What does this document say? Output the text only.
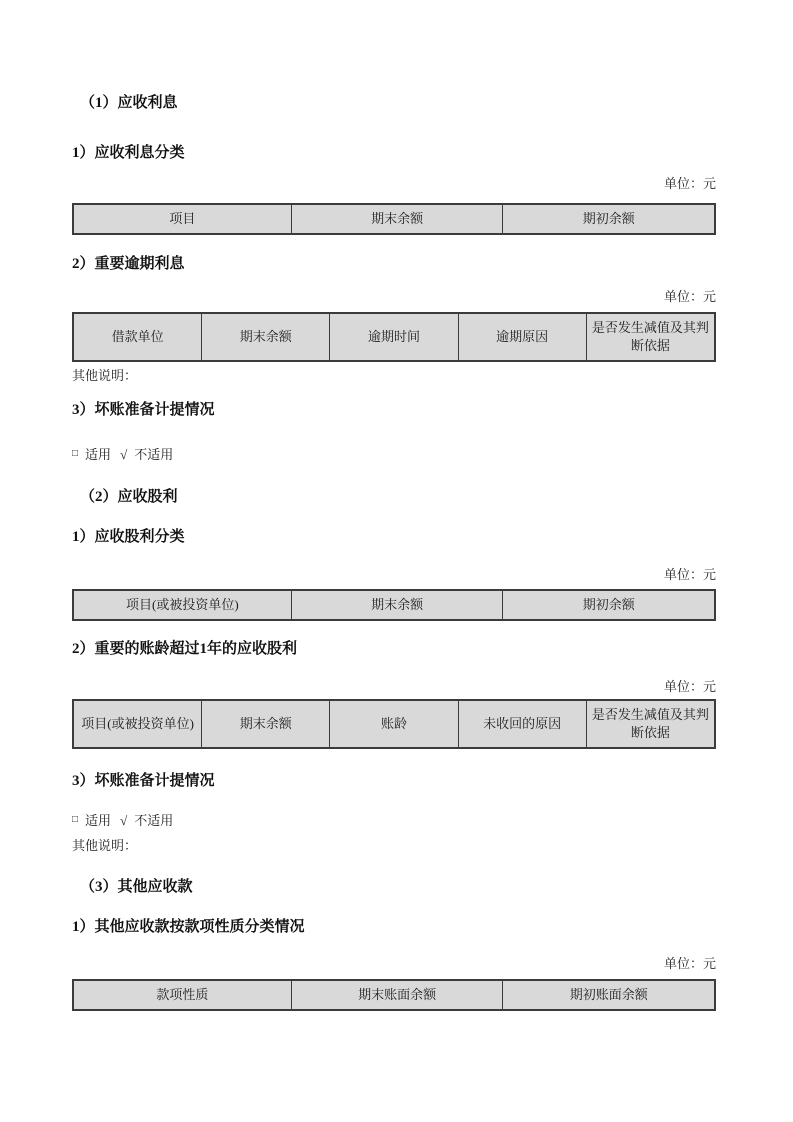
（1）应收利息
1）应收利息分类
单位：元
项目	期末余额	期初余额
2）重要逾期利息
单位：元
借款单位	期末余额	逾期时间	逾期原因	是否发生减值及其判断依据
其他说明：
3）坏账准备计提情况
□ 适用 √ 不适用
（2）应收股利
1）应收股利分类
单位：元
项目(或被投资单位)	期末余额	期初余额
2）重要的账龄超过1年的应收股利
单位：元
项目(或被投资单位)	期末余额	账龄	未收回的原因	是否发生减值及其判断依据
3）坏账准备计提情况
□ 适用 √ 不适用
其他说明：
（3）其他应收款
1）其他应收款按款项性质分类情况
单位：元
款项性质	期末账面余额	期初账面余额
